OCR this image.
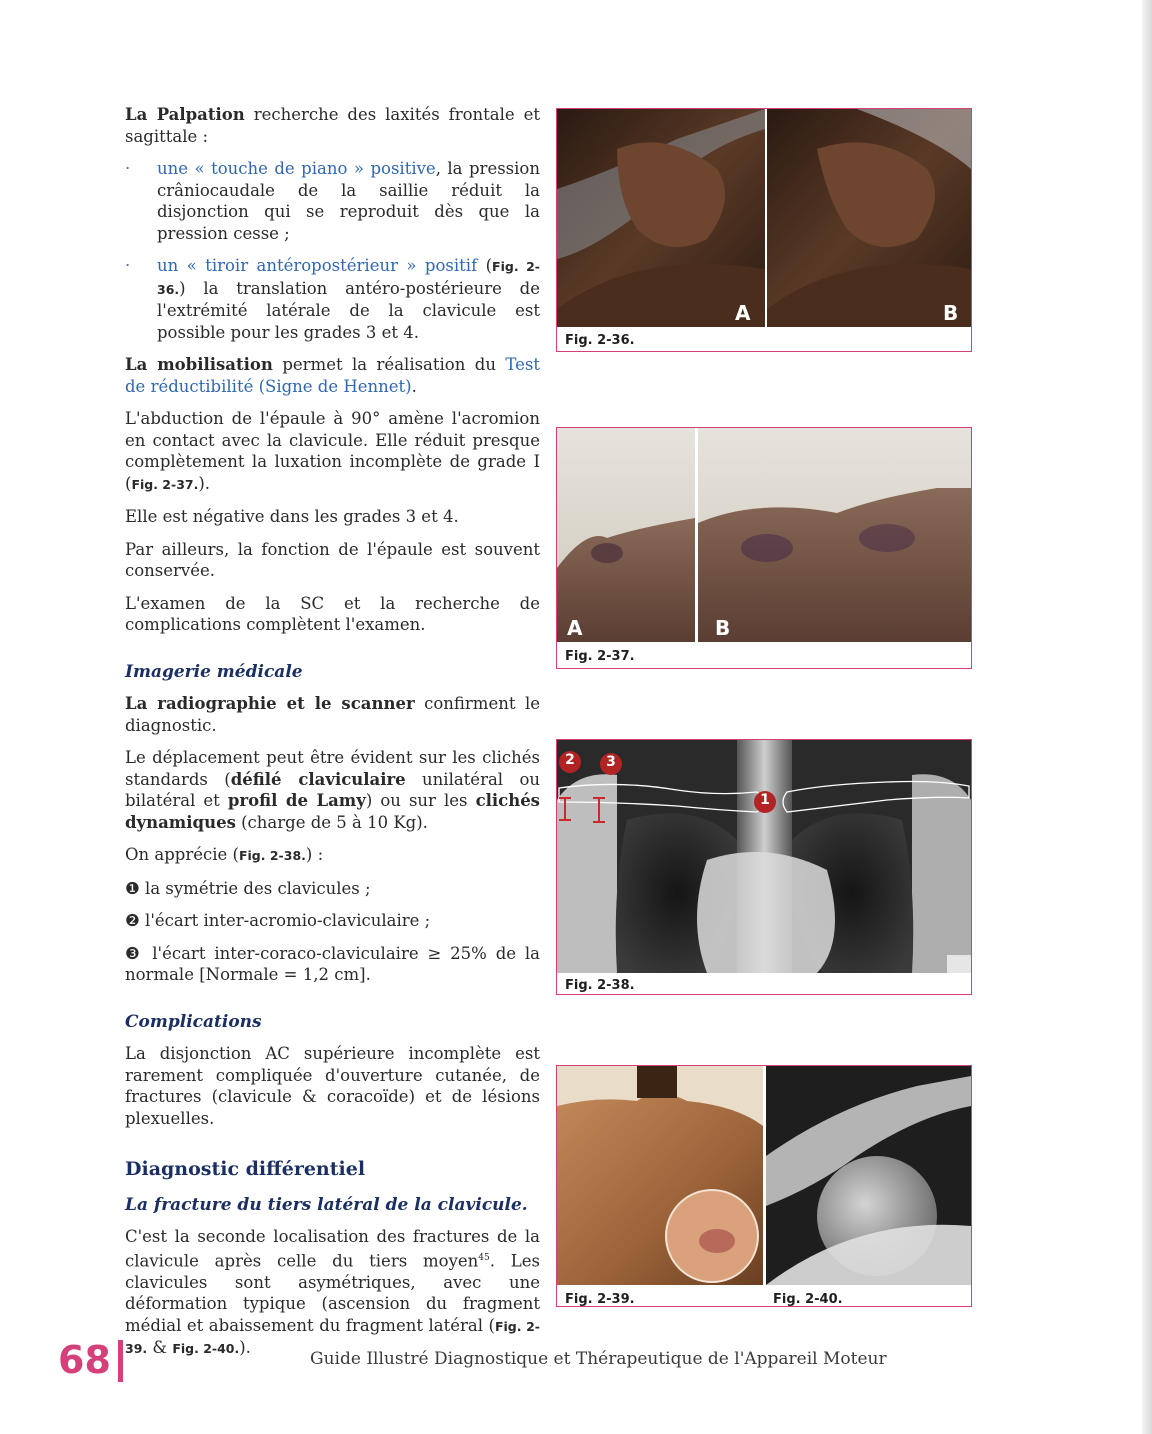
La Palpation recherche des laxités frontale et sagittale :

· une « touche de piano » positive, la pression crâniocaudale de la saillie réduit la disjonction qui se reproduit dès que la pression cesse ;
· un « tiroir antéropostérieur » positif (Fig. 2-36.) la translation antéro-postérieure de l'extrémité latérale de la clavicule est possible pour les grades 3 et 4.

La mobilisation permet la réalisation du Test de réductibilité (Signe de Hennet).

L'abduction de l'épaule à 90° amène l'acromion en contact avec la clavicule. Elle réduit presque complètement la luxation incomplète de grade I (Fig. 2-37.).

Elle est négative dans les grades 3 et 4.

Par ailleurs, la fonction de l'épaule est souvent conservée.

L'examen de la SC et la recherche de complications complètent l'examen.

Imagerie médicale

La radiographie et le scanner confirment le diagnostic.

Le déplacement peut être évident sur les clichés standards (défilé claviculaire unilatéral ou bilatéral et profil de Lamy) ou sur les clichés dynamiques (charge de 5 à 10 Kg).

On apprécie (Fig. 2-38.) :

❶ la symétrie des clavicules ;

❷ l'écart inter-acromio-claviculaire ;

❸ l'écart inter-coraco-claviculaire ≥ 25% de la normale [Normale = 1,2 cm].

Complications

La disjonction AC supérieure incomplète est rarement compliquée d'ouverture cutanée, de fractures (clavicule & coracoïde) et de lésions plexuelles.

Diagnostic différentiel
La fracture du tiers latéral de la clavicule.

C'est la seconde localisation des fractures de la clavicule après celle du tiers moyen$^{45}$. Les clavicules sont asymétriques, avec une déformation typique (ascension du fragment médial et abaissement du fragment latéral (Fig. 2-39. & Fig. 2-40.).

A	B
Fig. 2-36.
A	B
Fig. 2-37.
2 3
1
Fig. 2-38.
Fig. 2-39.	Fig. 2-40.
68	Guide Illustré Diagnostique et Thérapeutique de l'Appareil Moteur
